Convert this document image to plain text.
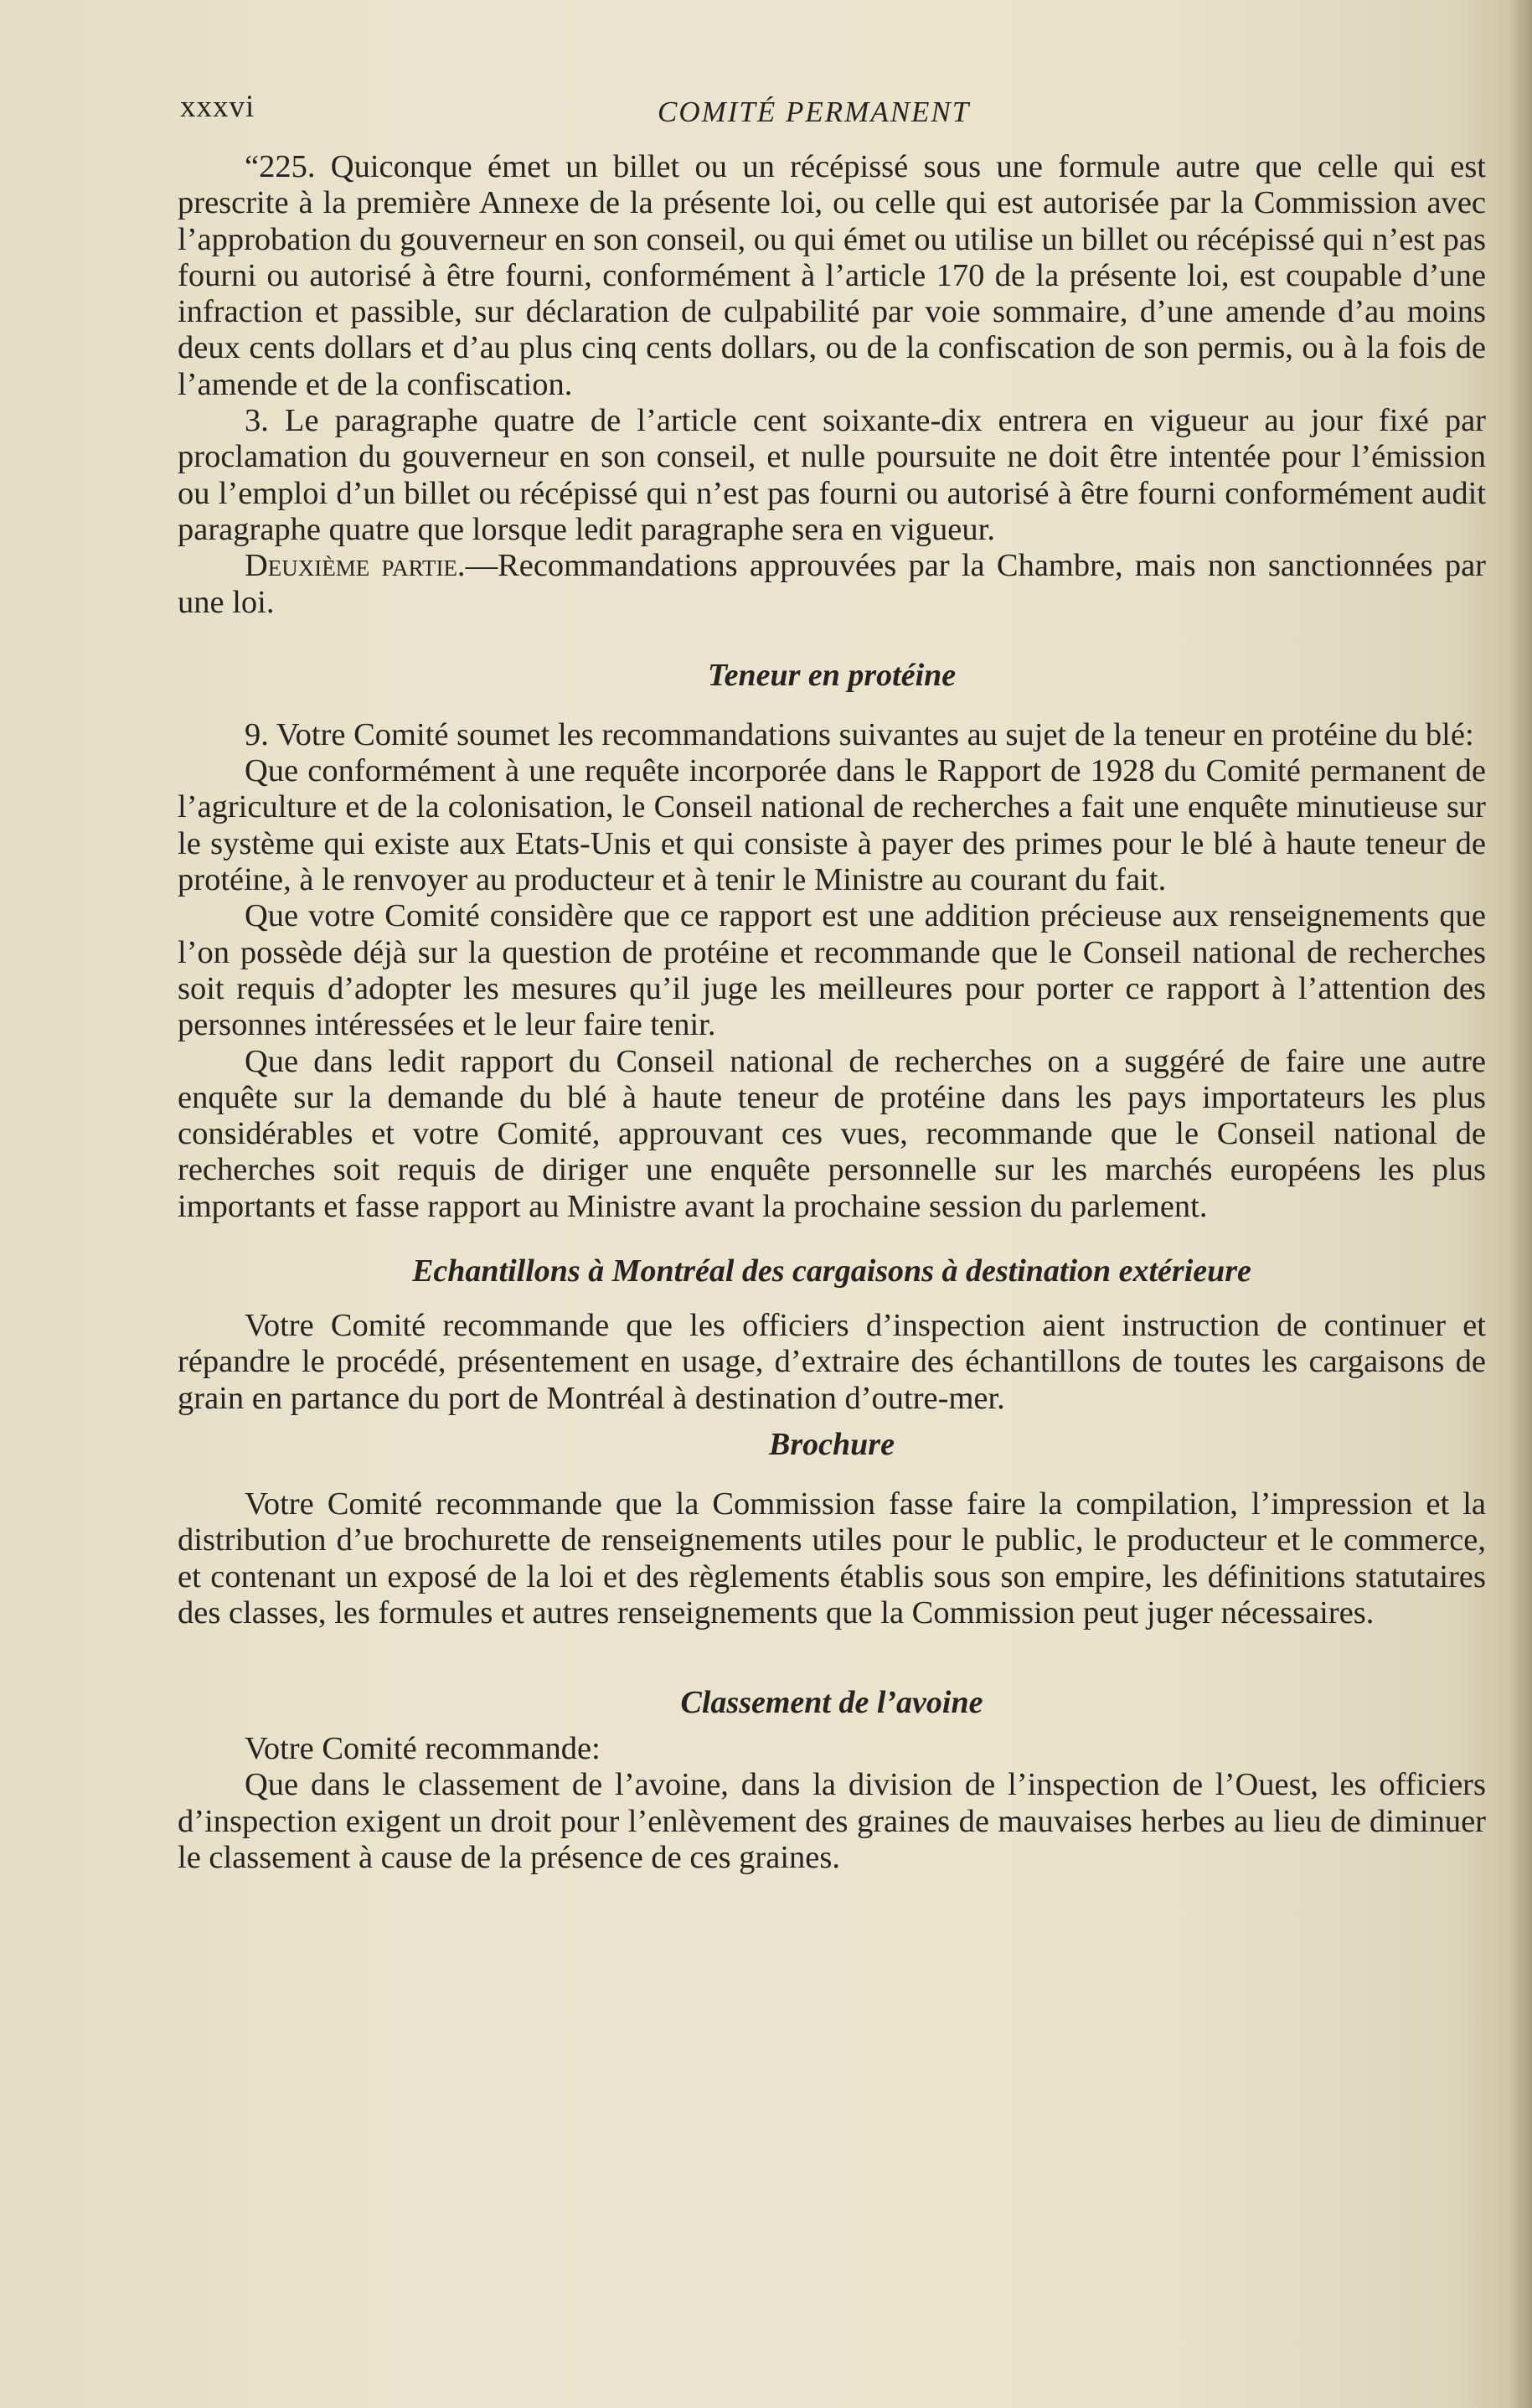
xxxvi	COMITÉ PERMANENT

“225. Quiconque émet un billet ou un récépissé sous une formule autre que celle qui est prescrite à la première Annexe de la présente loi, ou celle qui est autorisée par la Commission avec l’approbation du gouverneur en son conseil, ou qui émet ou utilise un billet ou récépissé qui n’est pas fourni ou autorisé à être fourni, conformément à l’article 170 de la présente loi, est coupable d’une infraction et passible, sur déclaration de culpabilité par voie sommaire, d’une amende d’au moins deux cents dollars et d’au plus cinq cents dollars, ou de la confiscation de son permis, ou à la fois de l’amende et de la confiscation.

3. Le paragraphe quatre de l’article cent soixante-dix entrera en vigueur au jour fixé par proclamation du gouverneur en son conseil, et nulle poursuite ne doit être intentée pour l’émission ou l’emploi d’un billet ou récépissé qui n’est pas fourni ou autorisé à être fourni conformément audit paragraphe quatre que lorsque ledit paragraphe sera en vigueur.

Deuxième partie.—Recommandations approuvées par la Chambre, mais non sanctionnées par une loi.

Teneur en protéine

9. Votre Comité soumet les recommandations suivantes au sujet de la teneur en protéine du blé:

Que conformément à une requête incorporée dans le Rapport de 1928 du Comité permanent de l’agriculture et de la colonisation, le Conseil national de recherches a fait une enquête minutieuse sur le système qui existe aux Etats-Unis et qui consiste à payer des primes pour le blé à haute teneur de protéine, à le renvoyer au producteur et à tenir le Ministre au courant du fait.

Que votre Comité considère que ce rapport est une addition précieuse aux renseignements que l’on possède déjà sur la question de protéine et recommande que le Conseil national de recherches soit requis d’adopter les mesures qu’il juge les meilleures pour porter ce rapport à l’attention des personnes intéressées et le leur faire tenir.

Que dans ledit rapport du Conseil national de recherches on a suggéré de faire une autre enquête sur la demande du blé à haute teneur de protéine dans les pays importateurs les plus considérables et votre Comité, approuvant ces vues, recommande que le Conseil national de recherches soit requis de diriger une enquête personnelle sur les marchés européens les plus importants et fasse rapport au Ministre avant la prochaine session du parlement.

Echantillons à Montréal des cargaisons à destination extérieure

Votre Comité recommande que les officiers d’inspection aient instruction de continuer et répandre le procédé, présentement en usage, d’extraire des échantillons de toutes les cargaisons de grain en partance du port de Montréal à destination d’outre-mer.

Brochure

Votre Comité recommande que la Commission fasse faire la compilation, l’impression et la distribution d’ue brochurette de renseignements utiles pour le public, le producteur et le commerce, et contenant un exposé de la loi et des règlements établis sous son empire, les définitions statutaires des classes, les formules et autres renseignements que la Commission peut juger nécessaires.

Classement de l’avoine

Votre Comité recommande:

Que dans le classement de l’avoine, dans la division de l’inspection de l’Ouest, les officiers d’inspection exigent un droit pour l’enlèvement des graines de mauvaises herbes au lieu de diminuer le classement à cause de la présence de ces graines.
